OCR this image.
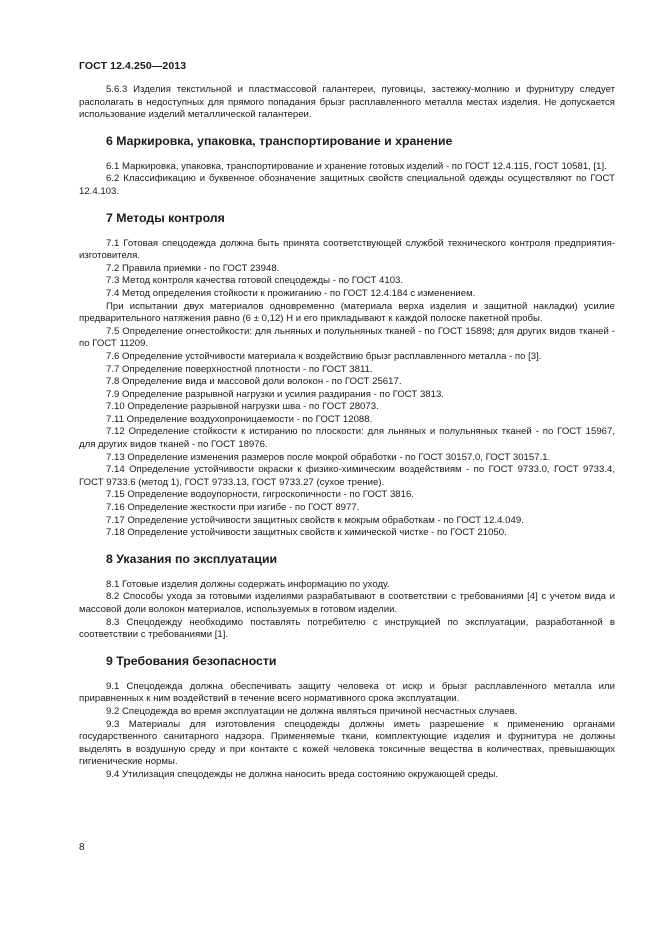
ГОСТ 12.4.250—2013

5.6.3 Изделия текстильной и пластмассовой галантереи, пуговицы, застежку-молнию и фурнитуру следует располагать в недоступных для прямого попадания брызг расплавленного металла местах изделия. Не допускается использование изделий металлической галантереи.

6 Маркировка, упаковка, транспортирование и хранение

6.1 Маркировка, упаковка, транспортирование и хранение готовых изделий - по ГОСТ 12.4.115, ГОСТ 10581, [1].

6.2 Классификацию и буквенное обозначение защитных свойств специальной одежды осуществляют по ГОСТ 12.4.103.

7 Методы контроля

7.1 Готовая спецодежда должна быть принята соответствующей службой технического контроля предприятия-изготовителя.

7.2 Правила приемки - по ГОСТ 23948.

7.3 Метод контроля качества готовой спецодежды - по ГОСТ 4103.

7.4 Метод определения стойкости к прожиганию - по ГОСТ 12.4.184 с изменением.

При испытании двух материалов одновременно (материала верха изделия и защитной накладки) усилие предварительного натяжения равно (6 ± 0,12) Н и его прикладывают к каждой полоске пакетной пробы.

7.5 Определение огнестойкости: для льняных и полульняных тканей - по ГОСТ 15898; для других видов тканей - по ГОСТ 11209.

7.6 Определение устойчивости материала к воздействию брызг расплавленного металла - по [3].

7.7 Определение поверхностной плотности - по ГОСТ 3811.

7.8 Определение вида и массовой доли волокон - по ГОСТ 25617.

7.9 Определение разрывной нагрузки и усилия раздирания - по ГОСТ 3813.

7.10 Определение разрывной нагрузки шва - по ГОСТ 28073.

7.11 Определение воздухопроницаемости - по ГОСТ 12088.

7.12 Определение стойкости к истиранию по плоскости: для льняных и полульняных тканей - по ГОСТ 15967, для других видов тканей - по ГОСТ 18976.

7.13 Определение изменения размеров после мокрой обработки - по ГОСТ 30157.0, ГОСТ 30157.1.

7.14 Определение устойчивости окраски к физико-химическим воздействиям - по ГОСТ 9733.0, ГОСТ 9733.4, ГОСТ 9733.6 (метод 1), ГОСТ 9733.13, ГОСТ 9733.27 (сухое трение).

7.15 Определение водоупорности, гигроскопичности - по ГОСТ 3816.

7.16 Определение жесткости при изгибе - по ГОСТ 8977.

7.17 Определение устойчивости защитных свойств к мокрым обработкам - по ГОСТ 12.4.049.

7.18 Определение устойчивости защитных свойств к химической чистке - по ГОСТ 21050.

8 Указания по эксплуатации

8.1 Готовые изделия должны содержать информацию по уходу.

8.2 Способы ухода за готовыми изделиями разрабатывают в соответствии с требованиями [4] с учетом вида и массовой доли волокон материалов, используемых в готовом изделии.

8.3 Спецодежду необходимо поставлять потребителю с инструкцией по эксплуатации, разработанной в соответствии с требованиями [1].

9 Требования безопасности

9.1 Спецодежда должна обеспечивать защиту человека от искр и брызг расплавленного металла или приравненных к ним воздействий в течение всего нормативного срока эксплуатации.

9.2 Спецодежда во время эксплуатации не должна являться причиной несчастных случаев.

9.3 Материалы для изготовления спецодежды должны иметь разрешение к применению органами государственного санитарного надзора. Применяемые ткани, комплектующие изделия и фурнитура не должны выделять в воздушную среду и при контакте с кожей человека токсичные вещества в количествах, превышающих гигиенические нормы.

9.4 Утилизация спецодежды не должна наносить вреда состоянию окружающей среды.

8
